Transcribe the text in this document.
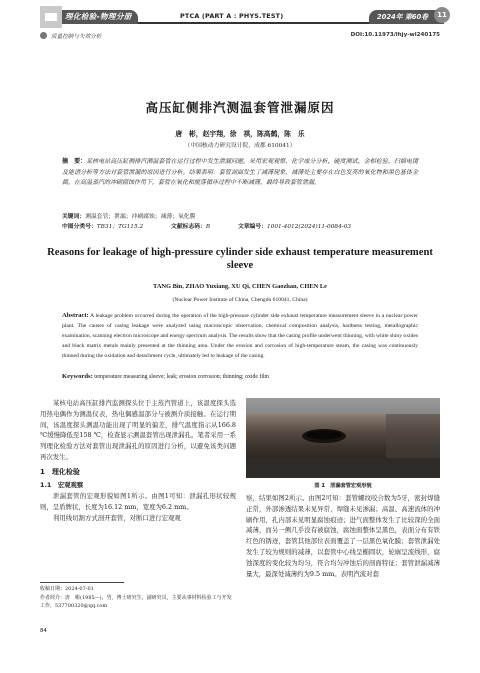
理化检验-物理分册	PTCA (PART A : PHYS.TEST)	2024年 第60卷	11
质量控制与失效分析	DOI:10.11973/lhjy-wl240175
高压缸侧排汽测温套管泄漏原因
唐　彬，赵宇翔，徐　祺，陈高鹤，陈　乐
（中国核动力研究设计院，成都 610041）
摘　要：某核电站高压缸侧排汽测温套管在运行过程中发生泄漏问题。采用宏观观察、化学成分分析、硬度测试、金相检验、扫描电镜及能谱分析等方法对套管泄漏的原因进行分析。结果表明：套管剖面发生了减薄现象，减薄处主要存在白色发亮的氧化物和黑色基体金属，在高温蒸汽的冲刷腐蚀作用下，套管在氧化和脱落循环过程中不断减薄，最终导致套管泄漏。
关键词：测温套管；泄漏；冲刷腐蚀；减薄；氧化膜
中图分类号：TB31；TG115.2	文献标志码：B	文章编号：1001-4012(2024)11-0084-03
Reasons for leakage of high-pressure cylinder side exhaust temperature measurement sleeve
TANG Bin, ZHAO Yuxiang, XU Qi, CHEN Gaozhan, CHEN Le
(Nuclear Power Institute of China, Chengdu 610041, China)
Abstract: A leakage problem occurred during the operation of the high-pressure cylinder side exhaust temperature measurement sleeve in a nuclear power plant. The causes of casing leakage were analyzed using macroscopic observation, chemical composition analysis, hardness testing, metallographic examination, scanning electron microscope and energy spectrum analysis. The results show that the casing profile underwent thinning, with white shiny oxides and black matrix metals mainly presented at the thinning area. Under the erosion and corrosion of high-temperature steam, the casing was continuously thinned during the oxidation and detachment cycle, ultimately led to leakage of the casing.
Keywords: temperature measuring sleeve; leak; erosion corrosion; thinning; oxide film

某核电站高压缸排汽监测探头位于主蒸汽管道上，该温度探头选用热电偶作为测温仪表，热电偶感温部分与被测介质接触。在运行期间，该温度探头测温功能出现了明显的偏差，排气温度指示从166.8 ℃缓慢降低至158 ℃，检查显示测温套管出现泄漏孔。笔者采用一系列理化检验方法对套管出现泄漏孔的原因进行分析，以避免该类问题再次发生。

1　理化检验
1.1　宏观观察

泄漏套管的宏观形貌如图1所示。由图1可知：泄漏孔形状较规则，呈盾牌状，长度为16.12 mm，宽度为6.2 mm。

利用线切割方式剖开套管，对断口进行宏观观

收稿日期：2024-07-01
作者简介：唐　彬(1985—)，男，博士研究生，副研究员，主要从事材料检验工与开发工作，537700320@qq.com
84
图 1　泄漏套管宏观形貌

察，结果如图2所示。由图2可知：套管螺纹咬合数为5牙，密封焊缝正常，外部渗透结果未见异常，焊缝未见渗漏；高温、高速流体的冲刷作用，孔内部未见明显腐蚀痕迹；进气面整体发生了比较深的全面减薄，而另一侧几乎没有被腐蚀，腐蚀面整体呈黑色，表面分布有铁红色的锈迹，套管其他部位表面覆盖了一层黑色氧化膜；套管泄漏处发生了较为规则的减薄，以套管中心线呈椭圆状，轮廓呈流线形，腐蚀深度的变化较为均匀，符合均匀冲蚀后的剖面特征；套管泄漏减薄量大，最深处减薄约为9.5 mm。表明汽流对套
